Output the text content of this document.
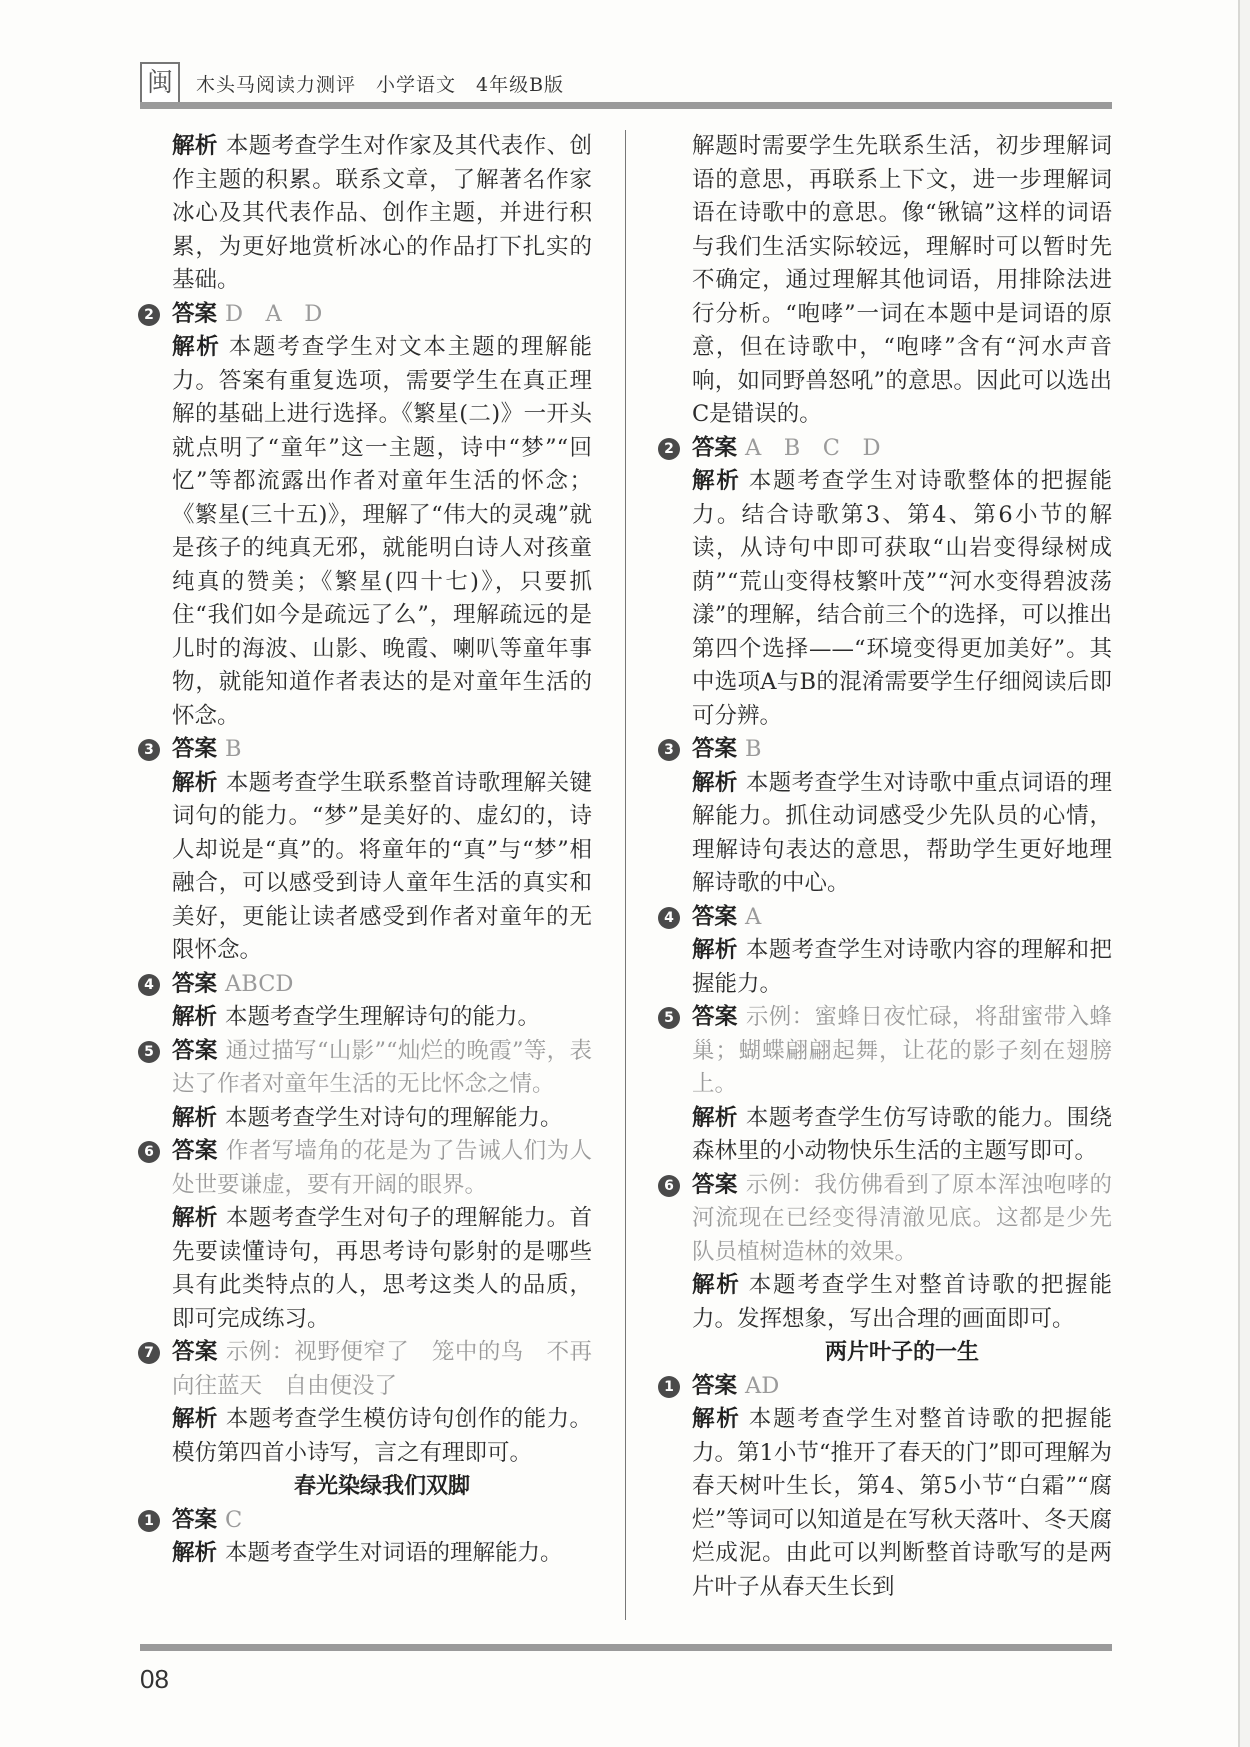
闽	木头马阅读力测评　小学语文　4年级B版

解析 本题考查学生对作家及其代表作、创作主题的积累。联系文章，了解著名作家冰心及其代表作品、创作主题，并进行积累，为更好地赏析冰心的作品打下扎实的基础。

2 答案 D　A　D

解析 本题考查学生对文本主题的理解能力。答案有重复选项，需要学生在真正理解的基础上进行选择。《繁星(二)》一开头就点明了“童年”这一主题，诗中“梦”“回忆”等都流露出作者对童年生活的怀念；《繁星(三十五)》，理解了“伟大的灵魂”就是孩子的纯真无邪，就能明白诗人对孩童纯真的赞美；《繁星(四十七)》，只要抓住“我们如今是疏远了么”，理解疏远的是儿时的海波、山影、晚霞、喇叭等童年事物，就能知道作者表达的是对童年生活的怀念。

3 答案 B

解析 本题考查学生联系整首诗歌理解关键词句的能力。“梦”是美好的、虚幻的，诗人却说是“真”的。将童年的“真”与“梦”相融合，可以感受到诗人童年生活的真实和美好，更能让读者感受到作者对童年的无限怀念。

4 答案 ABCD

解析 本题考查学生理解诗句的能力。

5 答案 通过描写“山影”“灿烂的晚霞”等，表达了作者对童年生活的无比怀念之情。

解析 本题考查学生对诗句的理解能力。

6 答案 作者写墙角的花是为了告诫人们为人处世要谦虚，要有开阔的眼界。

解析 本题考查学生对句子的理解能力。首先要读懂诗句，再思考诗句影射的是哪些具有此类特点的人，思考这类人的品质，即可完成练习。

7 答案 示例：视野便窄了　笼中的鸟　不再向往蓝天　自由便没了

解析 本题考查学生模仿诗句创作的能力。模仿第四首小诗写，言之有理即可。

春光染绿我们双脚

1 答案 C

解析 本题考查学生对词语的理解能力。

解题时需要学生先联系生活，初步理解词语的意思，再联系上下文，进一步理解词语在诗歌中的意思。像“锹镐”这样的词语与我们生活实际较远，理解时可以暂时先不确定，通过理解其他词语，用排除法进行分析。“咆哮”一词在本题中是词语的原意，但在诗歌中，“咆哮”含有“河水声音响，如同野兽怒吼”的意思。因此可以选出C是错误的。

2 答案 A　B　C　D

解析 本题考查学生对诗歌整体的把握能力。结合诗歌第3、第4、第6小节的解读，从诗句中即可获取“山岩变得绿树成荫”“荒山变得枝繁叶茂”“河水变得碧波荡漾”的理解，结合前三个的选择，可以推出第四个选择——“环境变得更加美好”。其中选项A与B的混淆需要学生仔细阅读后即可分辨。

3 答案 B

解析 本题考查学生对诗歌中重点词语的理解能力。抓住动词感受少先队员的心情，理解诗句表达的意思，帮助学生更好地理解诗歌的中心。

4 答案 A

解析 本题考查学生对诗歌内容的理解和把握能力。

5 答案 示例：蜜蜂日夜忙碌，将甜蜜带入蜂巢；蝴蝶翩翩起舞，让花的影子刻在翅膀上。

解析 本题考查学生仿写诗歌的能力。围绕森林里的小动物快乐生活的主题写即可。

6 答案 示例：我仿佛看到了原本浑浊咆哮的河流现在已经变得清澈见底。这都是少先队员植树造林的效果。

解析 本题考查学生对整首诗歌的把握能力。发挥想象，写出合理的画面即可。

两片叶子的一生

1 答案 AD

解析 本题考查学生对整首诗歌的把握能力。第1小节“推开了春天的门”即可理解为春天树叶生长，第4、第5小节“白霜”“腐烂”等词可以知道是在写秋天落叶、冬天腐烂成泥。由此可以判断整首诗歌写的是两片叶子从春天生长到

08
